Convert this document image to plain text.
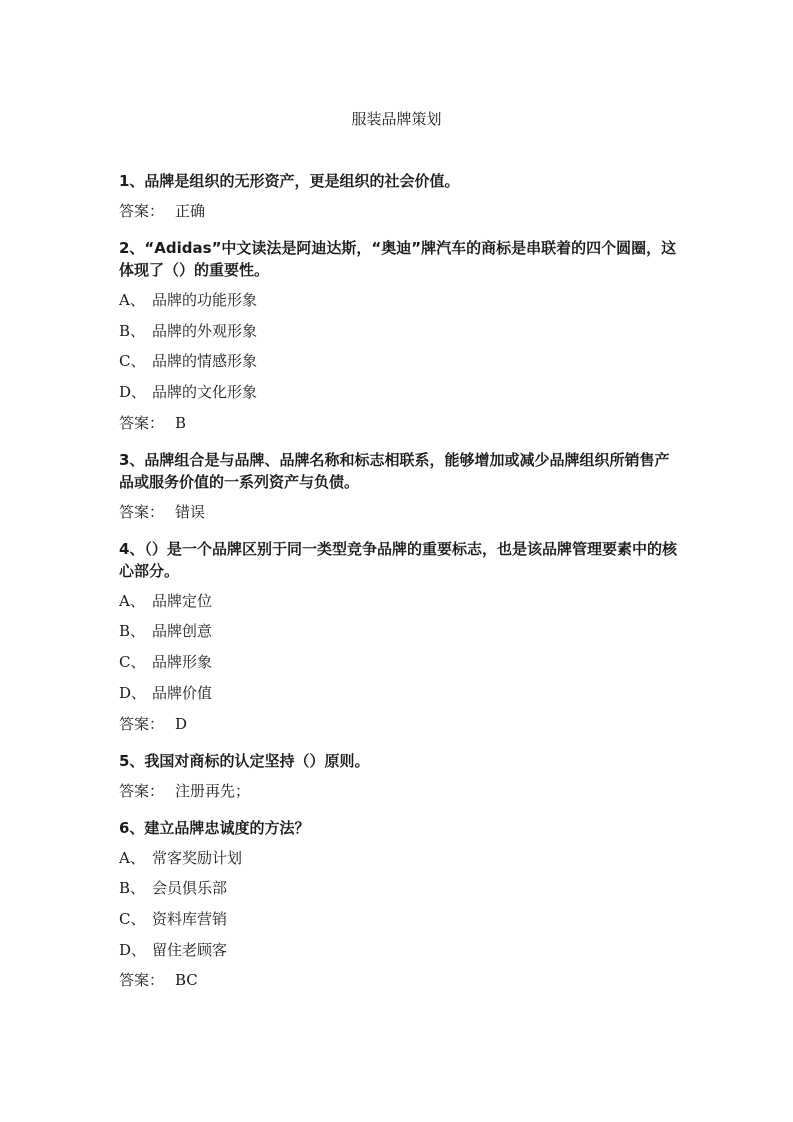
服装品牌策划
1、品牌是组织的无形资产，更是组织的社会价值。
答案： 正确
2、“Adidas”中文读法是阿迪达斯，“奥迪”牌汽车的商标是串联着的四个圆圈，这体现了（）的重要性。
A、 品牌的功能形象
B、 品牌的外观形象
C、 品牌的情感形象
D、 品牌的文化形象
答案： B
3、品牌组合是与品牌、品牌名称和标志相联系，能够增加或减少品牌组织所销售产品或服务价值的一系列资产与负债。
答案： 错误
4、（）是一个品牌区别于同一类型竞争品牌的重要标志，也是该品牌管理要素中的核心部分。
A、 品牌定位
B、 品牌创意
C、 品牌形象
D、 品牌价值
答案： D
5、我国对商标的认定坚持（）原则。
答案： 注册再先；
6、建立品牌忠诚度的方法？
A、 常客奖励计划
B、 会员俱乐部
C、 资料库营销
D、 留住老顾客
答案： BC
